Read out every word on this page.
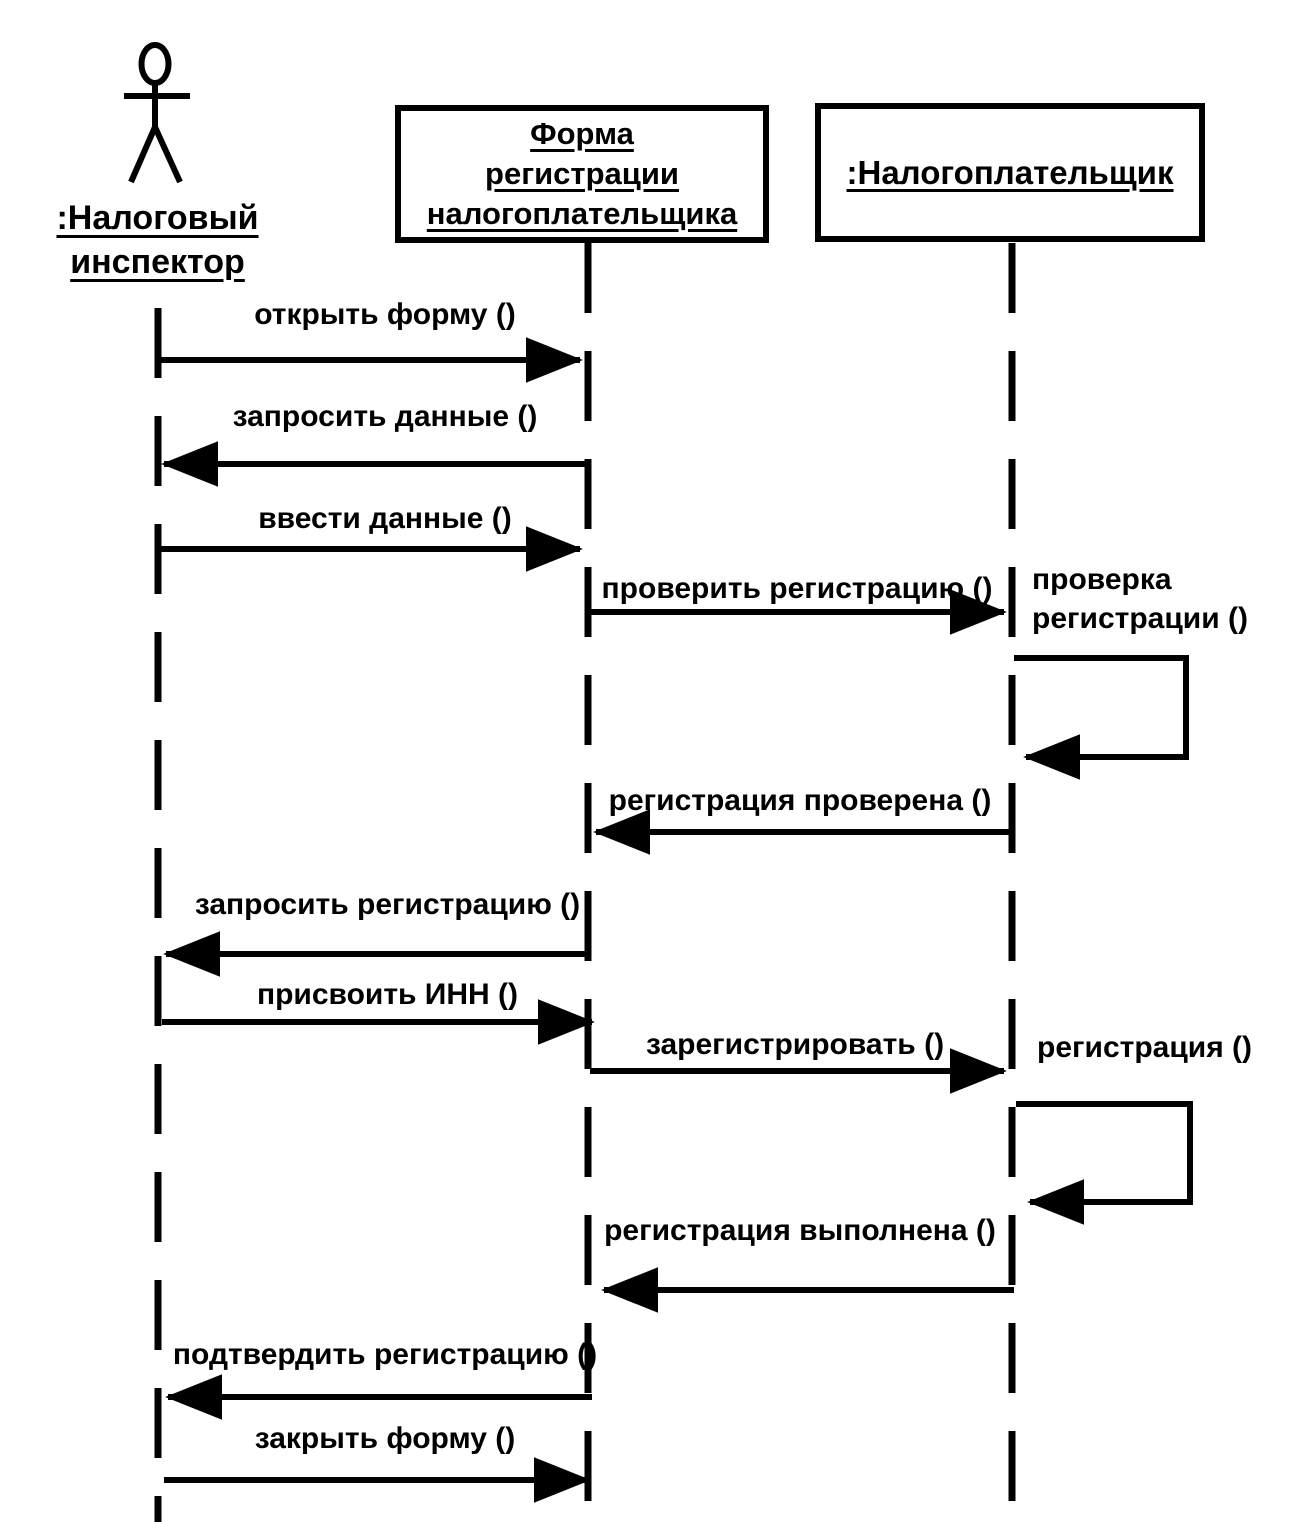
:Налоговый
инспектор
Форма
регистрации
налогоплательщика
:Налогоплательщик
открыть форму ()
запросить данные ()
ввести данные ()
проверить регистрацию ()
регистрация проверена ()
запросить регистрацию ()
присвоить ИНН ()
зарегистрировать ()
регистрация выполнена ()
подтвердить регистрацию ()
закрыть форму ()
проверка регистрации ()
регистрация ()
